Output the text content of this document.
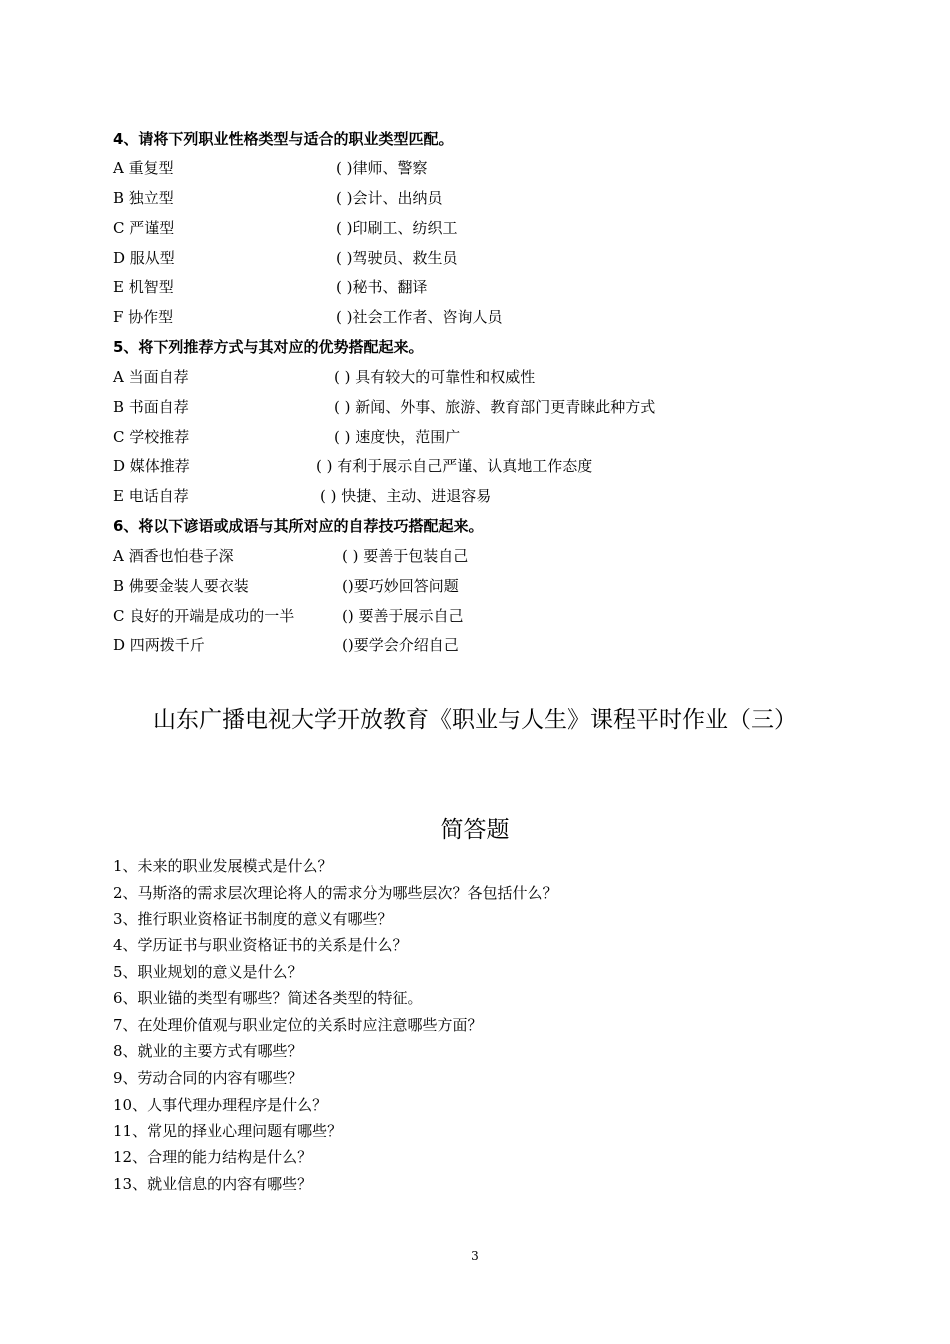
4、请将下列职业性格类型与适合的职业类型匹配。
A 重复型	( )律师、警察
B 独立型	( )会计、出纳员
C 严谨型	( )印刷工、纺织工
D 服从型	( )驾驶员、救生员
E 机智型	( )秘书、翻译
F 协作型	( )社会工作者、咨询人员
5、将下列推荐方式与其对应的优势搭配起来。
A 当面自荐	( ) 具有较大的可靠性和权威性
B 书面自荐	( ) 新闻、外事、旅游、教育部门更青睐此种方式
C 学校推荐	( ) 速度快，范围广
D 媒体推荐	( ) 有利于展示自己严谨、认真地工作态度
E 电话自荐	( ) 快捷、主动、进退容易
6、将以下谚语或成语与其所对应的自荐技巧搭配起来。
A 酒香也怕巷子深	( ) 要善于包装自己
B 佛要金装人要衣装	()要巧妙回答问题
C 良好的开端是成功的一半	() 要善于展示自己
D 四两拨千斤	()要学会介绍自己
山东广播电视大学开放教育《职业与人生》课程平时作业（三）
简答题
1、未来的职业发展模式是什么？
2、马斯洛的需求层次理论将人的需求分为哪些层次？各包括什么？
3、推行职业资格证书制度的意义有哪些？
4、学历证书与职业资格证书的关系是什么？
5、职业规划的意义是什么？
6、职业锚的类型有哪些？简述各类型的特征。
7、在处理价值观与职业定位的关系时应注意哪些方面？
8、就业的主要方式有哪些？
9、劳动合同的内容有哪些？
10、人事代理办理程序是什么？
11、常见的择业心理问题有哪些？
12、合理的能力结构是什么？
13、就业信息的内容有哪些？
3
